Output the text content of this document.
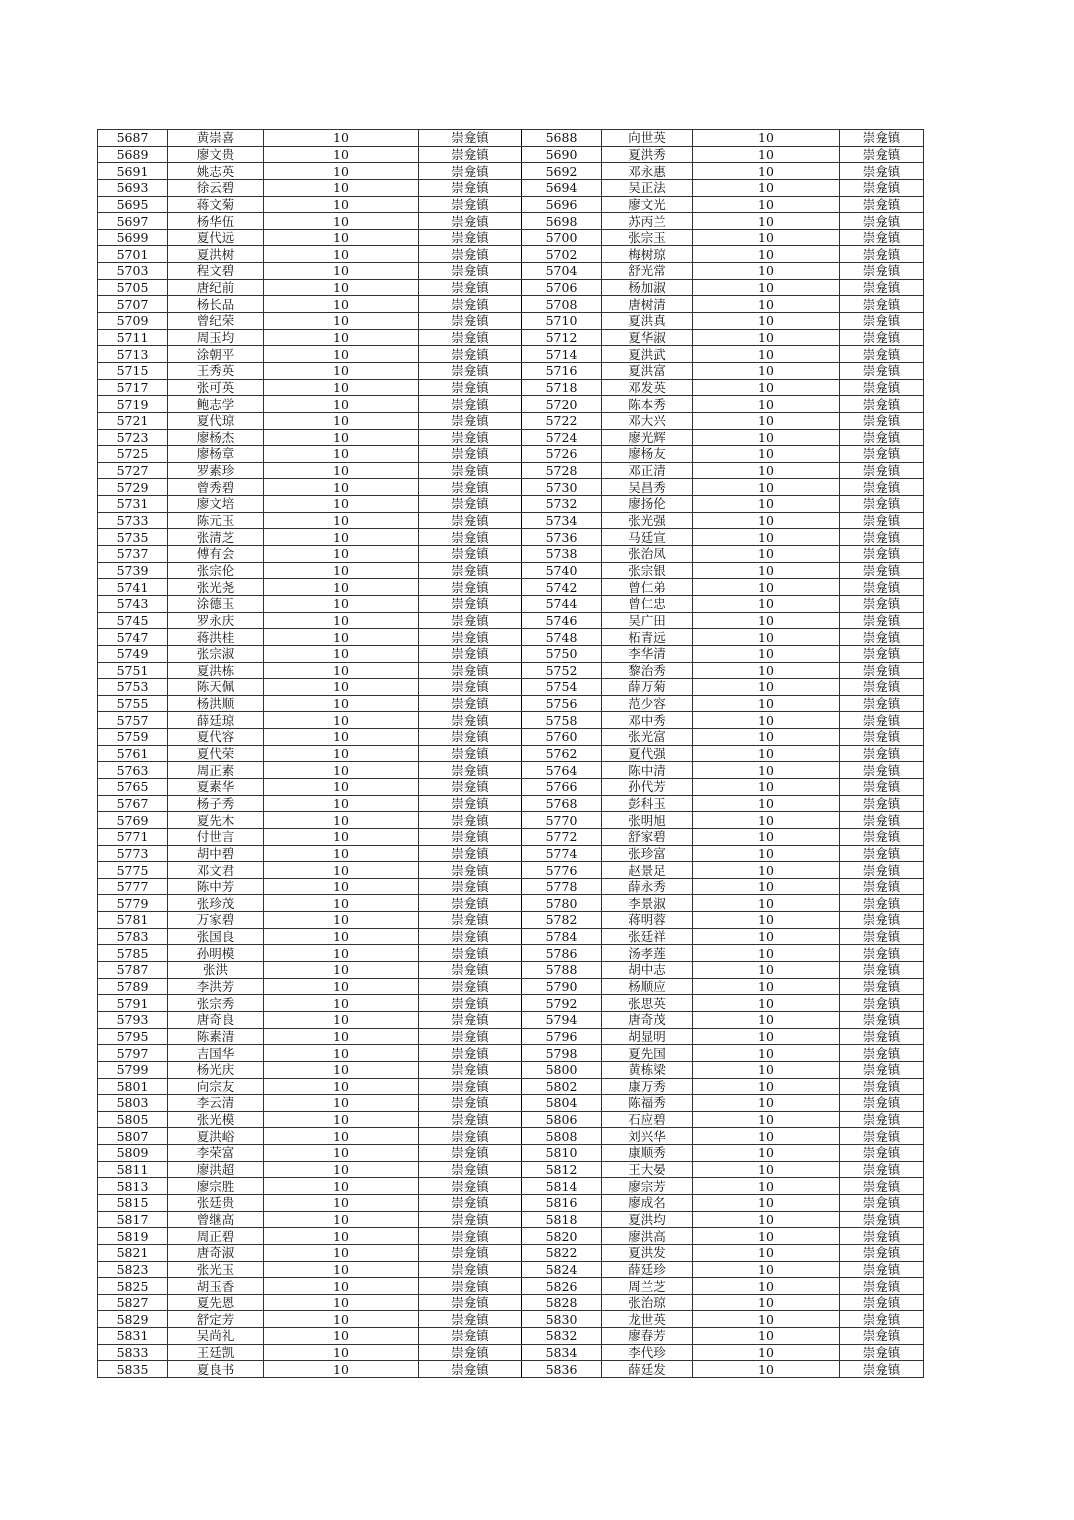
5687	黄崇喜	10	崇龛镇	5688	向世英	10	崇龛镇
5689	廖文贵	10	崇龛镇	5690	夏洪秀	10	崇龛镇
5691	姚志英	10	崇龛镇	5692	邓永惠	10	崇龛镇
5693	徐云碧	10	崇龛镇	5694	吴正法	10	崇龛镇
5695	蒋文菊	10	崇龛镇	5696	廖文光	10	崇龛镇
5697	杨华伍	10	崇龛镇	5698	苏丙兰	10	崇龛镇
5699	夏代远	10	崇龛镇	5700	张宗玉	10	崇龛镇
5701	夏洪树	10	崇龛镇	5702	梅树琼	10	崇龛镇
5703	程文碧	10	崇龛镇	5704	舒光常	10	崇龛镇
5705	唐纪前	10	崇龛镇	5706	杨加淑	10	崇龛镇
5707	杨长品	10	崇龛镇	5708	唐树清	10	崇龛镇
5709	曾纪荣	10	崇龛镇	5710	夏洪真	10	崇龛镇
5711	周玉均	10	崇龛镇	5712	夏华淑	10	崇龛镇
5713	涂朝平	10	崇龛镇	5714	夏洪武	10	崇龛镇
5715	王秀英	10	崇龛镇	5716	夏洪富	10	崇龛镇
5717	张可英	10	崇龛镇	5718	邓发英	10	崇龛镇
5719	鲍志学	10	崇龛镇	5720	陈本秀	10	崇龛镇
5721	夏代琼	10	崇龛镇	5722	邓大兴	10	崇龛镇
5723	廖杨杰	10	崇龛镇	5724	廖光辉	10	崇龛镇
5725	廖杨章	10	崇龛镇	5726	廖杨友	10	崇龛镇
5727	罗素珍	10	崇龛镇	5728	邓正清	10	崇龛镇
5729	曾秀碧	10	崇龛镇	5730	吴昌秀	10	崇龛镇
5731	廖文培	10	崇龛镇	5732	廖扬伦	10	崇龛镇
5733	陈元玉	10	崇龛镇	5734	张光强	10	崇龛镇
5735	张清芝	10	崇龛镇	5736	马廷宣	10	崇龛镇
5737	傅有会	10	崇龛镇	5738	张治凤	10	崇龛镇
5739	张宗伦	10	崇龛镇	5740	张宗银	10	崇龛镇
5741	张光尧	10	崇龛镇	5742	曾仁弟	10	崇龛镇
5743	涂德玉	10	崇龛镇	5744	曾仁忠	10	崇龛镇
5745	罗永庆	10	崇龛镇	5746	吴广田	10	崇龛镇
5747	蒋洪桂	10	崇龛镇	5748	柘青远	10	崇龛镇
5749	张宗淑	10	崇龛镇	5750	李华清	10	崇龛镇
5751	夏洪栋	10	崇龛镇	5752	黎治秀	10	崇龛镇
5753	陈天佩	10	崇龛镇	5754	薛万菊	10	崇龛镇
5755	杨洪顺	10	崇龛镇	5756	范少容	10	崇龛镇
5757	薛廷琼	10	崇龛镇	5758	邓中秀	10	崇龛镇
5759	夏代容	10	崇龛镇	5760	张光富	10	崇龛镇
5761	夏代荣	10	崇龛镇	5762	夏代强	10	崇龛镇
5763	周正素	10	崇龛镇	5764	陈中清	10	崇龛镇
5765	夏素华	10	崇龛镇	5766	孙代芳	10	崇龛镇
5767	杨子秀	10	崇龛镇	5768	彭科玉	10	崇龛镇
5769	夏先木	10	崇龛镇	5770	张明旭	10	崇龛镇
5771	付世言	10	崇龛镇	5772	舒家碧	10	崇龛镇
5773	胡中碧	10	崇龛镇	5774	张珍富	10	崇龛镇
5775	邓文君	10	崇龛镇	5776	赵景足	10	崇龛镇
5777	陈中芳	10	崇龛镇	5778	薛永秀	10	崇龛镇
5779	张珍茂	10	崇龛镇	5780	李景淑	10	崇龛镇
5781	万家碧	10	崇龛镇	5782	蒋明蓉	10	崇龛镇
5783	张国良	10	崇龛镇	5784	张廷祥	10	崇龛镇
5785	孙明模	10	崇龛镇	5786	汤孝莲	10	崇龛镇
5787	张洪	10	崇龛镇	5788	胡中志	10	崇龛镇
5789	李洪芳	10	崇龛镇	5790	杨顺应	10	崇龛镇
5791	张宗秀	10	崇龛镇	5792	张思英	10	崇龛镇
5793	唐奇良	10	崇龛镇	5794	唐奇茂	10	崇龛镇
5795	陈素清	10	崇龛镇	5796	胡显明	10	崇龛镇
5797	吉国华	10	崇龛镇	5798	夏先国	10	崇龛镇
5799	杨光庆	10	崇龛镇	5800	黄栋梁	10	崇龛镇
5801	向宗友	10	崇龛镇	5802	康万秀	10	崇龛镇
5803	李云清	10	崇龛镇	5804	陈福秀	10	崇龛镇
5805	张光模	10	崇龛镇	5806	石应碧	10	崇龛镇
5807	夏洪峪	10	崇龛镇	5808	刘兴华	10	崇龛镇
5809	李荣富	10	崇龛镇	5810	康顺秀	10	崇龛镇
5811	廖洪超	10	崇龛镇	5812	王大晏	10	崇龛镇
5813	廖宗胜	10	崇龛镇	5814	廖宗芳	10	崇龛镇
5815	张廷贵	10	崇龛镇	5816	廖成名	10	崇龛镇
5817	曾继高	10	崇龛镇	5818	夏洪均	10	崇龛镇
5819	周正碧	10	崇龛镇	5820	廖洪高	10	崇龛镇
5821	唐奇淑	10	崇龛镇	5822	夏洪发	10	崇龛镇
5823	张光玉	10	崇龛镇	5824	薛廷珍	10	崇龛镇
5825	胡玉香	10	崇龛镇	5826	周兰芝	10	崇龛镇
5827	夏先恩	10	崇龛镇	5828	张治琼	10	崇龛镇
5829	舒定芳	10	崇龛镇	5830	龙世英	10	崇龛镇
5831	吴尚礼	10	崇龛镇	5832	廖春芳	10	崇龛镇
5833	王廷凯	10	崇龛镇	5834	李代珍	10	崇龛镇
5835	夏良书	10	崇龛镇	5836	薛廷发	10	崇龛镇
